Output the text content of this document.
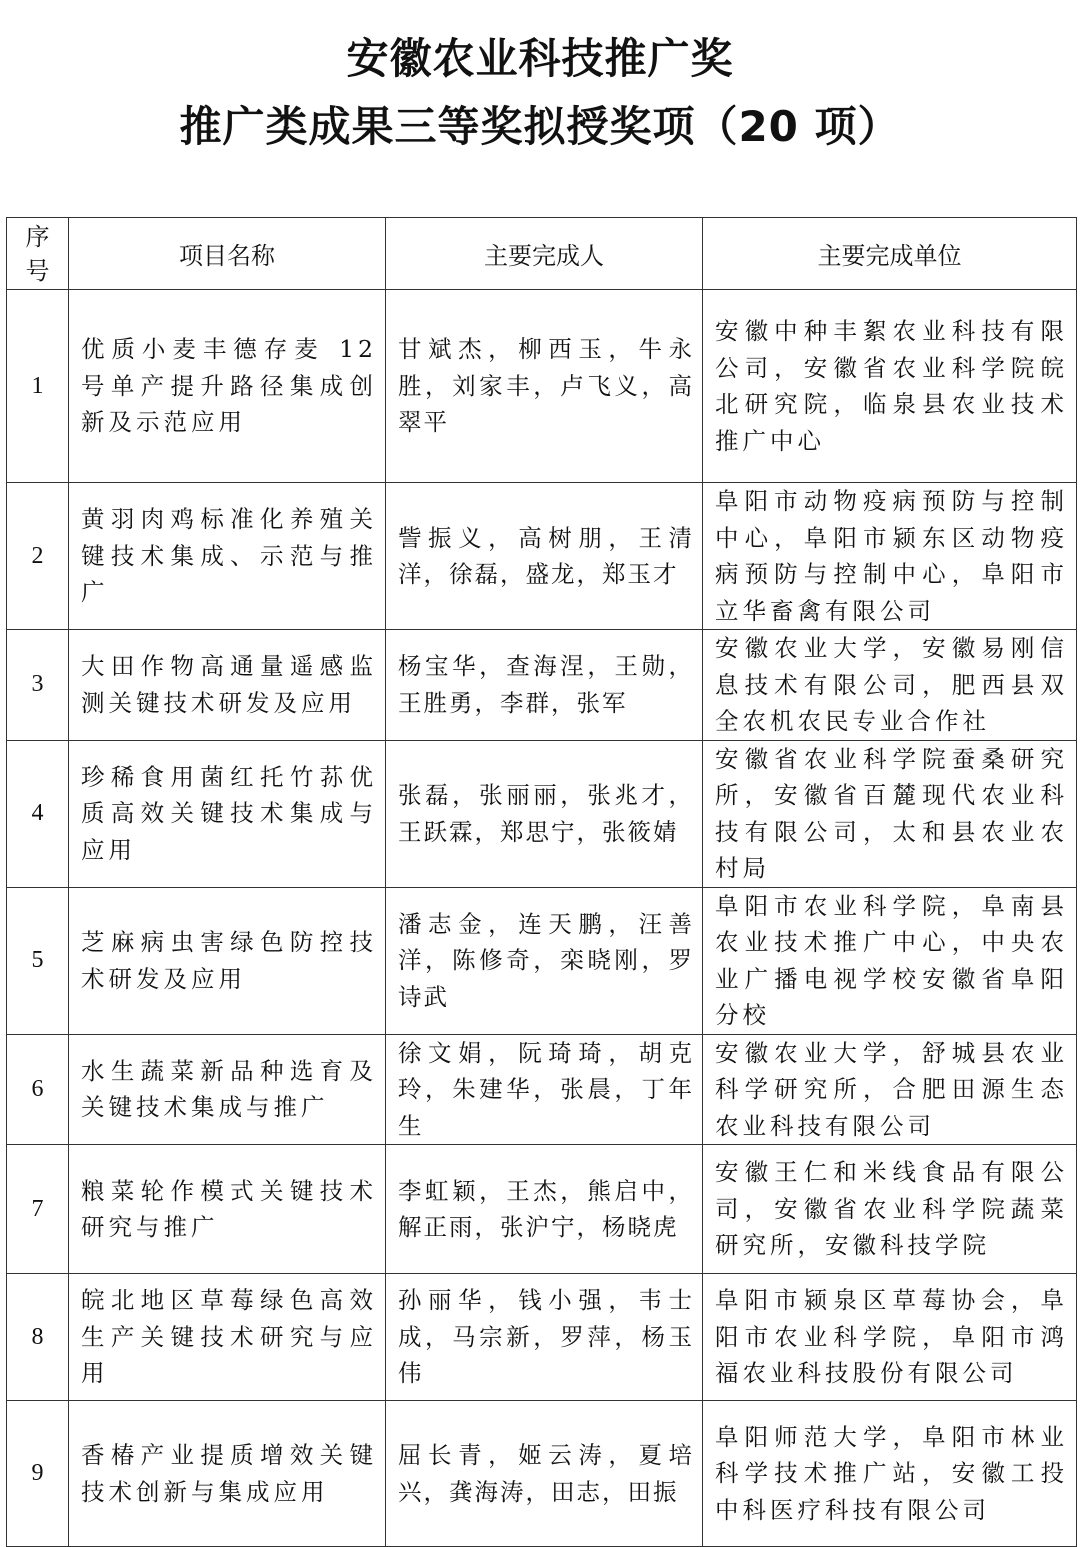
安徽农业科技推广奖
推广类成果三等奖拟授奖项（20 项）
序
号	项目名称	主要完成人	主要完成单位
1	优质小麦丰德存麦 12 号单产提升路径集成创新及示范应用	甘斌杰，柳西玉，牛永胜，刘家丰，卢飞义，高翠平	安徽中种丰絮农业科技有限公司，安徽省农业科学院皖北研究院，临泉县农业技术推广中心
2	黄羽肉鸡标准化养殖关键技术集成、示范与推广	訾振义，高树朋，王清洋，徐磊，盛龙，郑玉才	阜阳市动物疫病预防与控制中心，阜阳市颍东区动物疫病预防与控制中心，阜阳市立华畜禽有限公司
3	大田作物高通量遥感监测关键技术研发及应用	杨宝华，查海涅，王勋，王胜勇，李群，张军	安徽农业大学，安徽易刚信息技术有限公司，肥西县双全农机农民专业合作社
4	珍稀食用菌红托竹荪优质高效关键技术集成与应用	张磊，张丽丽，张兆才，王跃霖，郑思宁，张筱婧	安徽省农业科学院蚕桑研究所，安徽省百麓现代农业科技有限公司，太和县农业农村局
5	芝麻病虫害绿色防控技术研发及应用	潘志金，连天鹏，汪善洋，陈修奇，栾晓刚，罗诗武	阜阳市农业科学院，阜南县农业技术推广中心，中央农业广播电视学校安徽省阜阳分校
6	水生蔬菜新品种选育及关键技术集成与推广	徐文娟，阮琦琦，胡克玲，朱建华，张晨，丁年生	安徽农业大学，舒城县农业科学研究所，合肥田源生态农业科技有限公司
7	粮菜轮作模式关键技术研究与推广	李虹颖，王杰，熊启中，解正雨，张沪宁，杨晓虎	安徽王仁和米线食品有限公司，安徽省农业科学院蔬菜研究所，安徽科技学院
8	皖北地区草莓绿色高效生产关键技术研究与应用	孙丽华，钱小强，韦士成，马宗新，罗萍，杨玉伟	阜阳市颍泉区草莓协会，阜阳市农业科学院，阜阳市鸿福农业科技股份有限公司
9	香椿产业提质增效关键技术创新与集成应用	屈长青，姬云涛，夏培兴，龚海涛，田志，田振	阜阳师范大学，阜阳市林业科学技术推广站，安徽工投中科医疗科技有限公司
